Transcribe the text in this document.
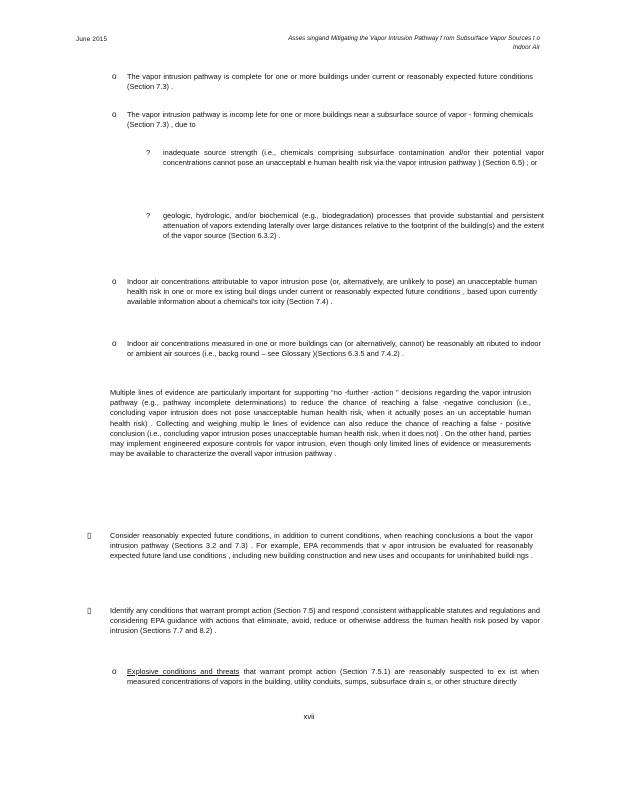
June 2015	Asses singand Mitigating the Vapor Intrusion Pathway f rom Subsurface Vapor Sources t o Indoor Air
o The vapor intrusion pathway is complete for one or more buildings under current or reasonably expected future conditions (Section 7.3) .
o The vapor intrusion pathway is incomp lete for one or more buildings near a subsurface source of vapor - forming chemicals (Section 7.3) , due to
? inadequate source strength (i.e., chemicals comprising subsurface contamination and/or their potential vapor concentrations cannot pose an unacceptabl e human health risk via the vapor intrusion pathway ) (Section 6.5) ; or
? geologic, hydrologic, and/or biochemical (e.g., biodegradation) processes that provide substantial and persistent attenuation of vapors extending laterally over large distances relative to the footprint of the building(s) and the extent of the vapor source (Section 6.3.2) .
o Indoor air concentrations attributable to vapor intrusion pose (or, alternatively, are unlikely to pose) an unacceptable human health risk in one or more ex isting buil dings under current or reasonably expected future conditions , based upon currently available information about a chemical's tox icity (Section 7.4) .
o Indoor air concentrations measured in one or more buildings can (or alternatively, cannot) be reasonably att ributed to indoor or ambient air sources (i.e., backg round – see Glossary )(Sections 6.3.5 and 7.4.2) .
Multiple lines of evidence are particularly important for supporting “no -further -action ” decisions regarding the vapor intrusion pathway (e.g., pathway incomplete determinations) to reduce the chance of reaching a false -negative conclusion (i.e., concluding vapor intrusion does not pose unacceptable human health risk, when it actually poses an un acceptable human health risk) . Collecting and weighing multip le lines of evidence can also reduce the chance of reaching a false - positive conclusion (i.e., concluding vapor intrusion poses unacceptable human health risk, when it does not) . On the other hand, parties may implement engineered exposure controls for vapor intrusion, even though only limited lines of evidence or measurements may be available to characterize the overall vapor intrusion pathway .
▯	Consider reasonably expected future conditions, in addition to current conditions, when reaching conclusions a bout the vapor intrusion pathway (Sections 3.2 and 7.3) . For example, EPA recommends that v apor intrusion be evaluated for reasonably expected future land use conditions , including new building construction and new uses and occupants for uninhabited buildi ngs .
▯	Identify any conditions that warrant prompt action (Section 7.5) and respond ,consistent withapplicable statutes and regulations and considering EPA guidance with actions that eliminate, avoid, reduce or otherwise address the human health risk posed by vapor intrusion (Sections 7.7 and 8.2) .
o Explosive conditions and threats that warrant prompt action (Section 7.5.1) are reasonably suspected to ex ist when measured concentrations of vapors in the building, utility conduits, sumps, subsurface drain s, or other structure directly
xvii
